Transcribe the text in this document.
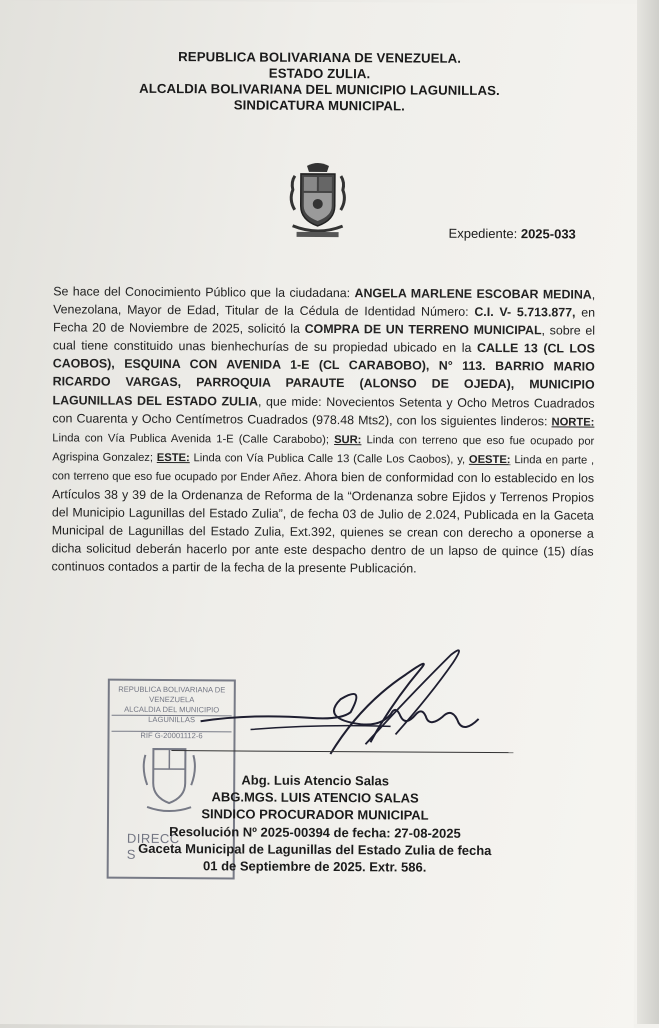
REPUBLICA BOLIVARIANA DE VENEZUELA.
ESTADO ZULIA.
ALCALDIA BOLIVARIANA DEL MUNICIPIO LAGUNILLAS.
SINDICATURA MUNICIPAL.
Expediente: 2025-033
Se hace del Conocimiento Público que la ciudadana: ANGELA MARLENE ESCOBAR MEDINA, Venezolana, Mayor de Edad, Titular de la Cédula de Identidad Número: C.I. V- 5.713.877, en Fecha 20 de Noviembre de 2025, solicitó la COMPRA DE UN TERRENO MUNICIPAL, sobre el cual tiene constituido unas bienhechurías de su propiedad ubicado en la CALLE 13 (CL LOS CAOBOS), ESQUINA CON AVENIDA 1-E (CL CARABOBO), N° 113. BARRIO MARIO RICARDO VARGAS, PARROQUIA PARAUTE (ALONSO DE OJEDA), MUNICIPIO LAGUNILLAS DEL ESTADO ZULIA, que mide: Novecientos Setenta y Ocho Metros Cuadrados con Cuarenta y Ocho Centímetros Cuadrados (978.48 Mts2), con los siguientes linderos: NORTE: Linda con Vía Publica Avenida 1-E (Calle Carabobo); SUR: Linda con terreno que eso fue ocupado por Agrispina Gonzalez; ESTE: Linda con Vía Publica Calle 13 (Calle Los Caobos), y, OESTE: Linda en parte , con terreno que eso fue ocupado por Ender Añez. Ahora bien de conformidad con lo establecido en los Artículos 38 y 39 de la Ordenanza de Reforma de la “Ordenanza sobre Ejidos y Terrenos Propios del Municipio Lagunillas del Estado Zulia”, de fecha 03 de Julio de 2.024, Publicada en la Gaceta Municipal de Lagunillas del Estado Zulia, Ext.392, quienes se crean con derecho a oponerse a dicha solicitud deberán hacerlo por ante este despacho dentro de un lapso de quince (15) días continuos contados a partir de la fecha de la presente Publicación.
REPUBLICA BOLIVARIANA DE VENEZUELA
ALCALDIA DEL MUNICIPIO LAGUNILLAS
RIF G-20001112-6
DIRECC
S
Abg. Luis Atencio Salas
ABG.MGS. LUIS ATENCIO SALAS
SINDICO PROCURADOR MUNICIPAL
Resolución Nº 2025-00394 de fecha: 27-08-2025
Gaceta Municipal de Lagunillas del Estado Zulia de fecha
01 de Septiembre de 2025. Extr. 586.
